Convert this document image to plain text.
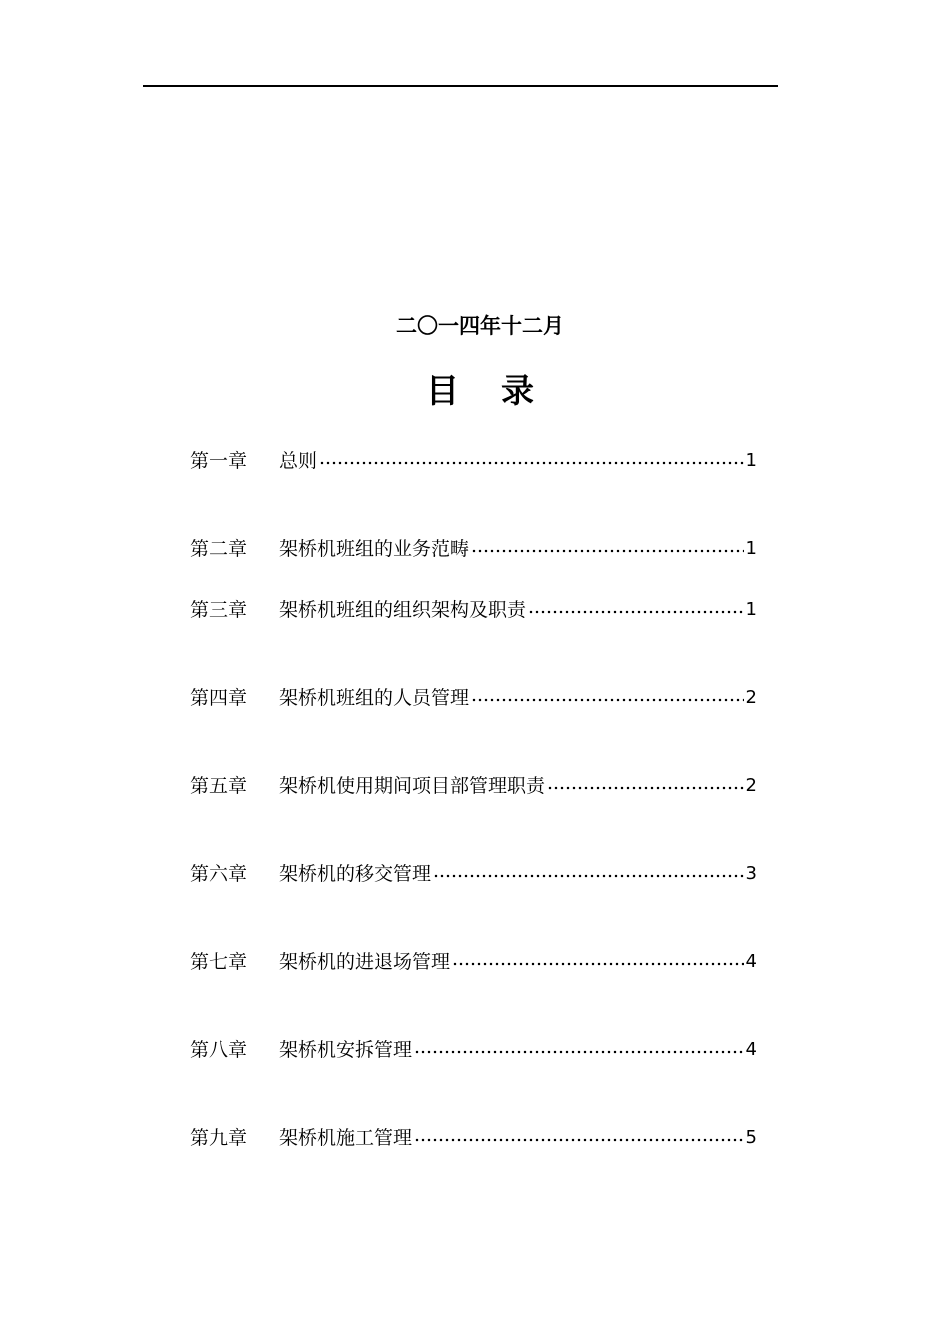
二〇一四年十二月
目 录
第一章	总则	1
第二章	架桥机班组的业务范畴	1
第三章	架桥机班组的组织架构及职责	1
第四章	架桥机班组的人员管理	2
第五章	架桥机使用期间项目部管理职责	2
第六章	架桥机的移交管理	3
第七章	架桥机的进退场管理	4
第八章	架桥机安拆管理	4
第九章	架桥机施工管理	5
